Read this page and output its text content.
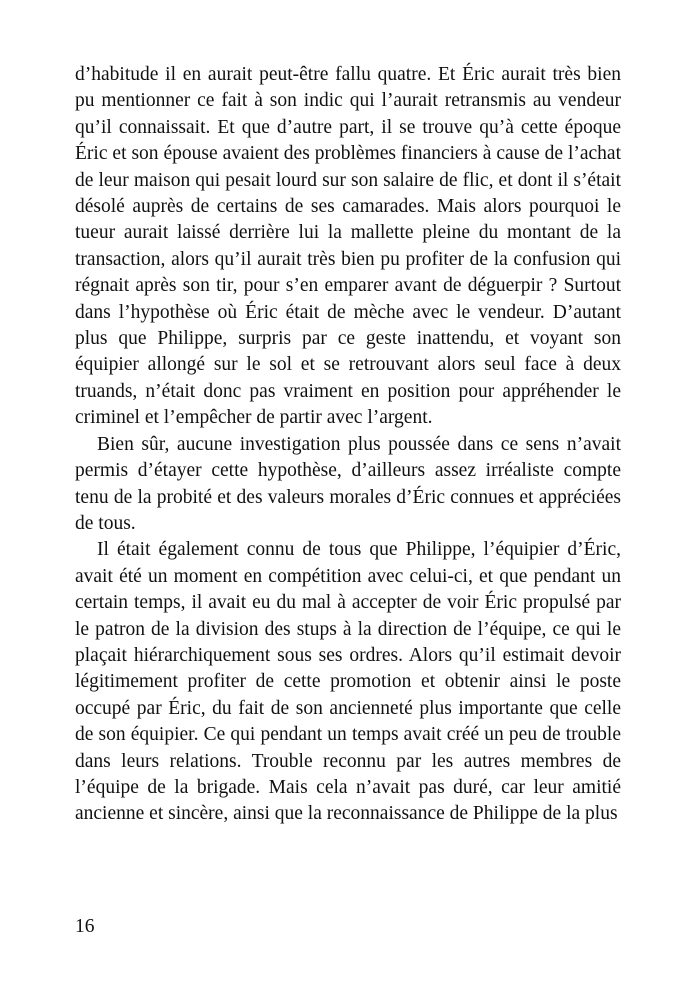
d’habitude il en aurait peut-être fallu quatre. Et Éric aurait très bien pu mentionner ce fait à son indic qui l’aurait retransmis au vendeur qu’il connaissait. Et que d’autre part, il se trouve qu’à cette époque Éric et son épouse avaient des problèmes financiers à cause de l’achat de leur maison qui pesait lourd sur son salaire de flic, et dont il s’était désolé auprès de certains de ses camarades. Mais alors pourquoi le tueur aurait laissé derrière lui la mallette pleine du montant de la transaction, alors qu’il aurait très bien pu profiter de la confusion qui régnait après son tir, pour s’en emparer avant de déguerpir ? Surtout dans l’hypothèse où Éric était de mèche avec le vendeur. D’autant plus que Philippe, surpris par ce geste inattendu, et voyant son équipier allongé sur le sol et se retrouvant alors seul face à deux truands, n’était donc pas vraiment en position pour appréhender le criminel et l’empêcher de partir avec l’argent.

Bien sûr, aucune investigation plus poussée dans ce sens n’avait permis d’étayer cette hypothèse, d’ailleurs assez irréaliste compte tenu de la probité et des valeurs morales d’Éric connues et appréciées de tous.

Il était également connu de tous que Philippe, l’équipier d’Éric, avait été un moment en compétition avec celui-ci, et que pendant un certain temps, il avait eu du mal à accepter de voir Éric propulsé par le patron de la division des stups à la direction de l’équipe, ce qui le plaçait hiérarchiquement sous ses ordres. Alors qu’il estimait devoir légitimement profiter de cette promotion et obtenir ainsi le poste occupé par Éric, du fait de son ancienneté plus importante que celle de son équipier. Ce qui pendant un temps avait créé un peu de trouble dans leurs relations. Trouble reconnu par les autres membres de l’équipe de la brigade. Mais cela n’avait pas duré, car leur amitié ancienne et sincère, ainsi que la reconnaissance de Philippe de la plus

16
